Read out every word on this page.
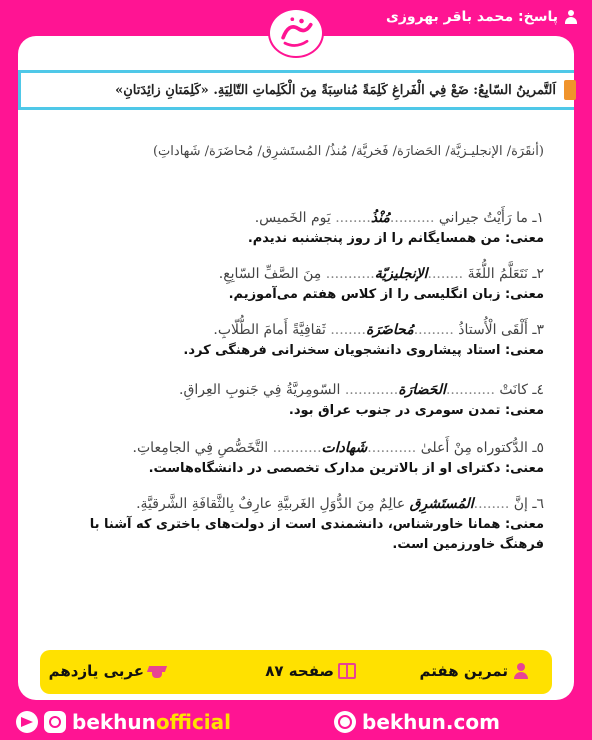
پاسخ: محمد باقر بهروزی
اَلتَّمرينُ السّابِعُ: ضَعْ فِي الْفَراغِ كَلِمَةً مُناسِبَةً مِنَ الْكَلِماتِ التّالِيَةِ. «كَلِمَتانِ زائِدَتانِ»
(أنقَرَة/ الإنجليـزيَّة/ الحَضارَة/ فَخريَّة/ مُنذُ/ المُستَشرِق/ مُحاضَرَة/ شَهاداتِ)
١ـ ما رَأَيْتُ جيراني ..........مُنْذُ........ يَوم الخَميس.
معنی: من همسایگانم را از روز پنجشنبه ندیدم.
٢ـ نَتَعَلَّمُ اللُّغَةَ ........الإنجليزيّة........... مِنَ الصَّفِّ السّابِعِ.
معنی: زبان انگلیسی را از کلاس هفتم می‌آموزیم.
٣ـ أَلْقَى الْأُستاذُ .........مُحاضَرَة........ ثَقافِيَّةً أَمامَ الطُّلّابِ.
معنی: استاد پیشاروی دانشجویان سخنرانی فرهنگی کرد.
٤ـ كانَتْ ...........الحَضارَة............ السّومِريَّةُ فِي جَنوبِ العِراقِ.
معنی: تمدن سومری در جنوب عراق بود.
٥ـ الدُّكتوراه مِنْ أَعلىٰ ...........شَهادات........... التَّخَصُّصِ فِي الجامِعاتِ.
معنی: دکترای او از بالاترین مدارک تخصصی در دانشگاه‌هاست.
٦ـ إنَّ ........المُستَشرِق عالِمٌ مِنَ الدُّوَلِ الغَربيَّةِ عارِفٌ بِالثَّقافَةِ الشَّرقيَّةِ.
معنی: همانا خاورشناس، دانشمندی است از دولت‌های باختری که آشنا با فرهنگ خاورزمین است.
تمرین هفتم
صفحه ۸۷
عربی یازدهم
bekhunofficial	bekhun.com
